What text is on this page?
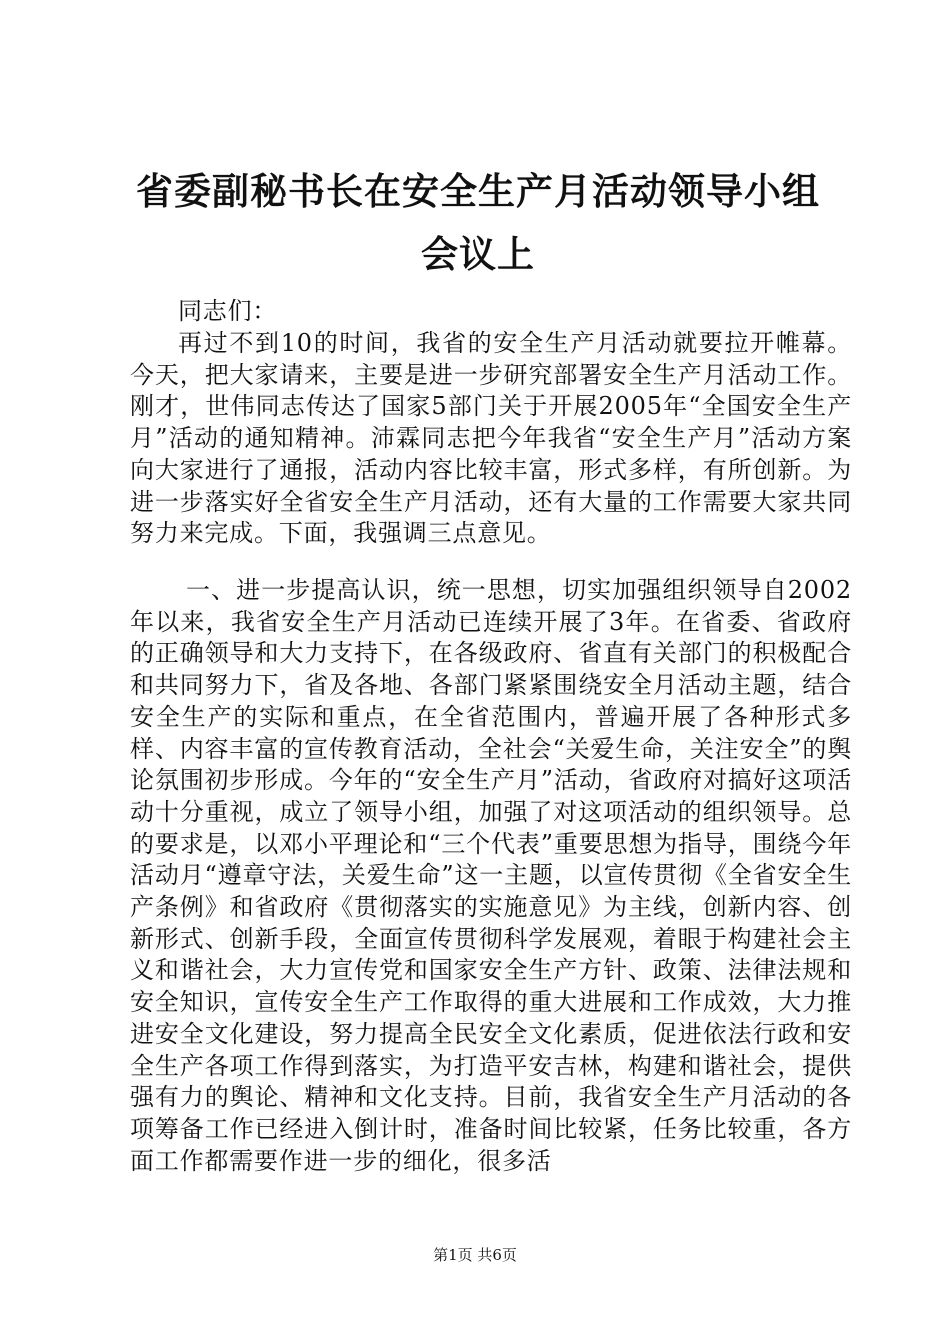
省委副秘书长在安全生产月活动领导小组会议上

同志们：

再过不到10的时间，我省的安全生产月活动就要拉开帷幕。今天，把大家请来，主要是进一步研究部署安全生产月活动工作。刚才，世伟同志传达了国家5部门关于开展2005年“全国安全生产月”活动的通知精神。沛霖同志把今年我省“安全生产月”活动方案向大家进行了通报，活动内容比较丰富，形式多样，有所创新。为进一步落实好全省安全生产月活动，还有大量的工作需要大家共同努力来完成。下面，我强调三点意见。

一、进一步提高认识，统一思想，切实加强组织领导自2002年以来，我省安全生产月活动已连续开展了3年。在省委、省政府的正确领导和大力支持下，在各级政府、省直有关部门的积极配合和共同努力下，省及各地、各部门紧紧围绕安全月活动主题，结合安全生产的实际和重点，在全省范围内，普遍开展了各种形式多样、内容丰富的宣传教育活动，全社会“关爱生命，关注安全”的舆论氛围初步形成。今年的“安全生产月”活动，省政府对搞好这项活动十分重视，成立了领导小组，加强了对这项活动的组织领导。总的要求是，以邓小平理论和“三个代表”重要思想为指导，围绕今年活动月“遵章守法，关爱生命”这一主题，以宣传贯彻《全省安全生产条例》和省政府《贯彻落实的实施意见》为主线，创新内容、创新形式、创新手段，全面宣传贯彻科学发展观，着眼于构建社会主义和谐社会，大力宣传党和国家安全生产方针、政策、法律法规和安全知识，宣传安全生产工作取得的重大进展和工作成效，大力推进安全文化建设，努力提高全民安全文化素质，促进依法行政和安全生产各项工作得到落实，为打造平安吉林，构建和谐社会，提供强有力的舆论、精神和文化支持。目前，我省安全生产月活动的各项筹备工作已经进入倒计时，准备时间比较紧，任务比较重，各方面工作都需要作进一步的细化，很多活

第1页 共6页
